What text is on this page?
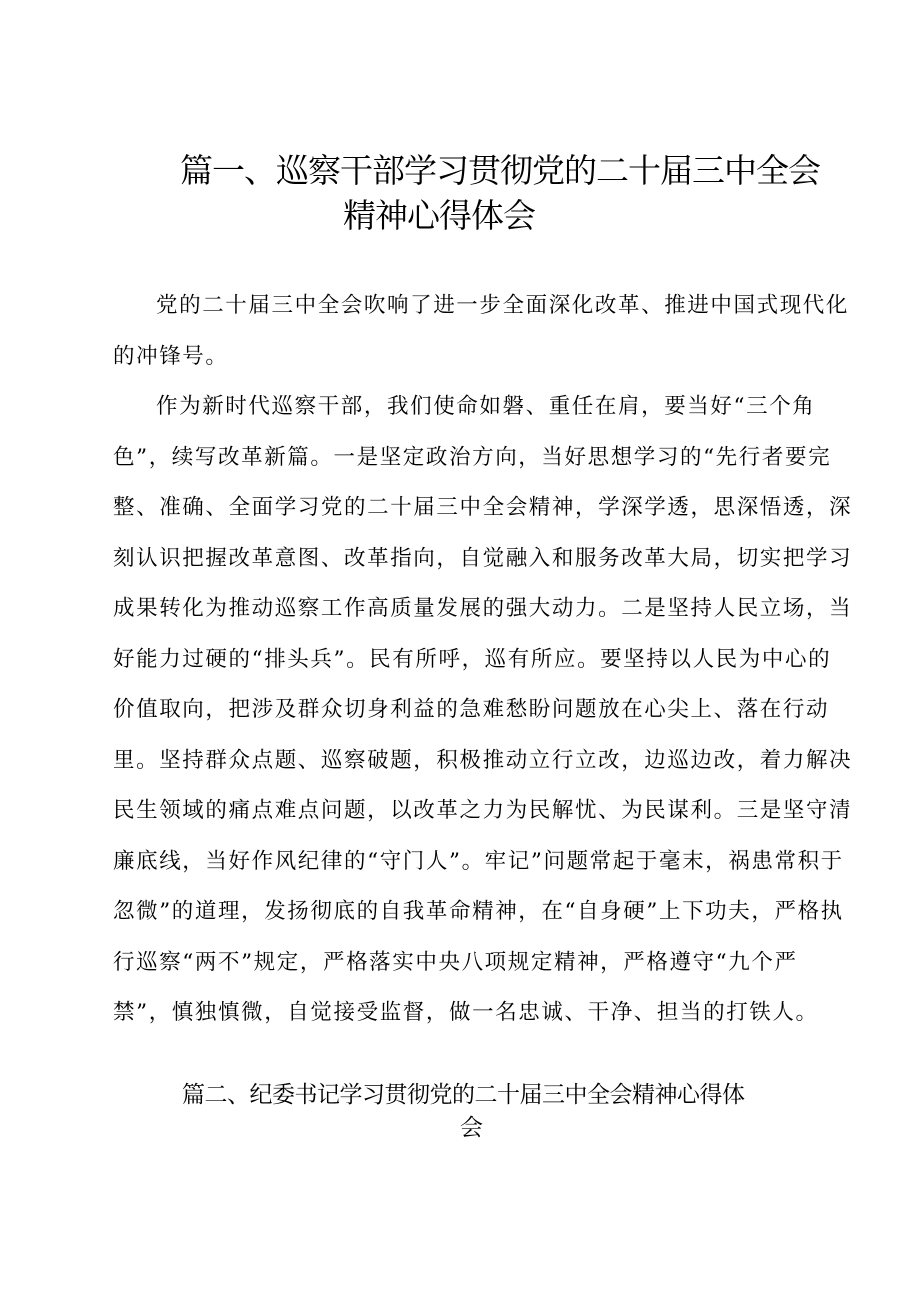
篇一、巡察干部学习贯彻党的二十届三中全会
精神心得体会

党的二十届三中全会吹响了进一步全面深化改革、推进中国式现代化的冲锋号。

作为新时代巡察干部，我们使命如磐、重任在肩，要当好“三个角色”，续写改革新篇。一是坚定政治方向，当好思想学习的“先行者要完整、准确、全面学习党的二十届三中全会精神，学深学透，思深悟透，深刻认识把握改革意图、改革指向，自觉融入和服务改革大局，切实把学习成果转化为推动巡察工作高质量发展的强大动力。二是坚持人民立场，当好能力过硬的“排头兵”。民有所呼，巡有所应。要坚持以人民为中心的价值取向，把涉及群众切身利益的急难愁盼问题放在心尖上、落在行动里。坚持群众点题、巡察破题，积极推动立行立改，边巡边改，着力解决民生领域的痛点难点问题，以改革之力为民解忧、为民谋利。三是坚守清廉底线，当好作风纪律的“守门人”。牢记”问题常起于毫末，祸患常积于忽微”的道理，发扬彻底的自我革命精神，在“自身硬”上下功夫，严格执行巡察“两不”规定，严格落实中央八项规定精神，严格遵守“九个严禁”，慎独慎微，自觉接受监督，做一名忠诚、干净、担当的打铁人。

篇二、纪委书记学习贯彻党的二十届三中全会精神心得体
会
